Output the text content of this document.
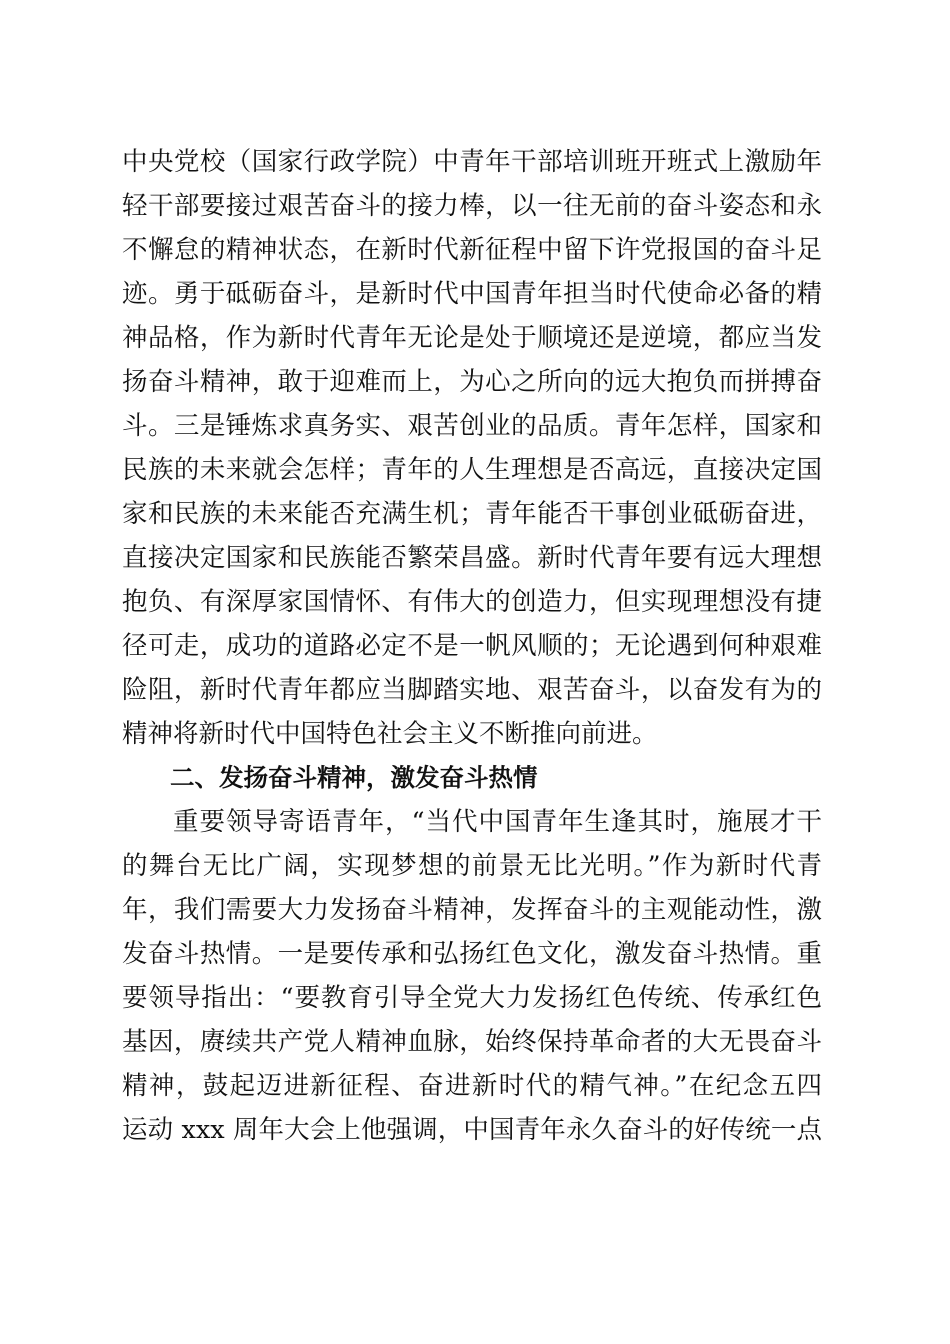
中央党校（国家行政学院）中青年干部培训班开班式上激励年
轻干部要接过艰苦奋斗的接力棒，以一往无前的奋斗姿态和永
不懈怠的精神状态，在新时代新征程中留下许党报国的奋斗足
迹。勇于砥砺奋斗，是新时代中国青年担当时代使命必备的精
神品格，作为新时代青年无论是处于顺境还是逆境，都应当发
扬奋斗精神，敢于迎难而上，为心之所向的远大抱负而拼搏奋
斗。三是锤炼求真务实、艰苦创业的品质。青年怎样，国家和
民族的未来就会怎样；青年的人生理想是否高远，直接决定国
家和民族的未来能否充满生机；青年能否干事创业砥砺奋进，
直接决定国家和民族能否繁荣昌盛。新时代青年要有远大理想
抱负、有深厚家国情怀、有伟大的创造力，但实现理想没有捷
径可走，成功的道路必定不是一帆风顺的；无论遇到何种艰难
险阻，新时代青年都应当脚踏实地、艰苦奋斗，以奋发有为的
精神将新时代中国特色社会主义不断推向前进。
二、发扬奋斗精神，激发奋斗热情
重要领导寄语青年，“当代中国青年生逢其时，施展才干
的舞台无比广阔，实现梦想的前景无比光明。”作为新时代青
年，我们需要大力发扬奋斗精神，发挥奋斗的主观能动性，激
发奋斗热情。一是要传承和弘扬红色文化，激发奋斗热情。重
要领导指出：“要教育引导全党大力发扬红色传统、传承红色
基因，赓续共产党人精神血脉，始终保持革命者的大无畏奋斗
精神，鼓起迈进新征程、奋进新时代的精气神。”在纪念五四
运动 xxx 周年大会上他强调，中国青年永久奋斗的好传统一点
